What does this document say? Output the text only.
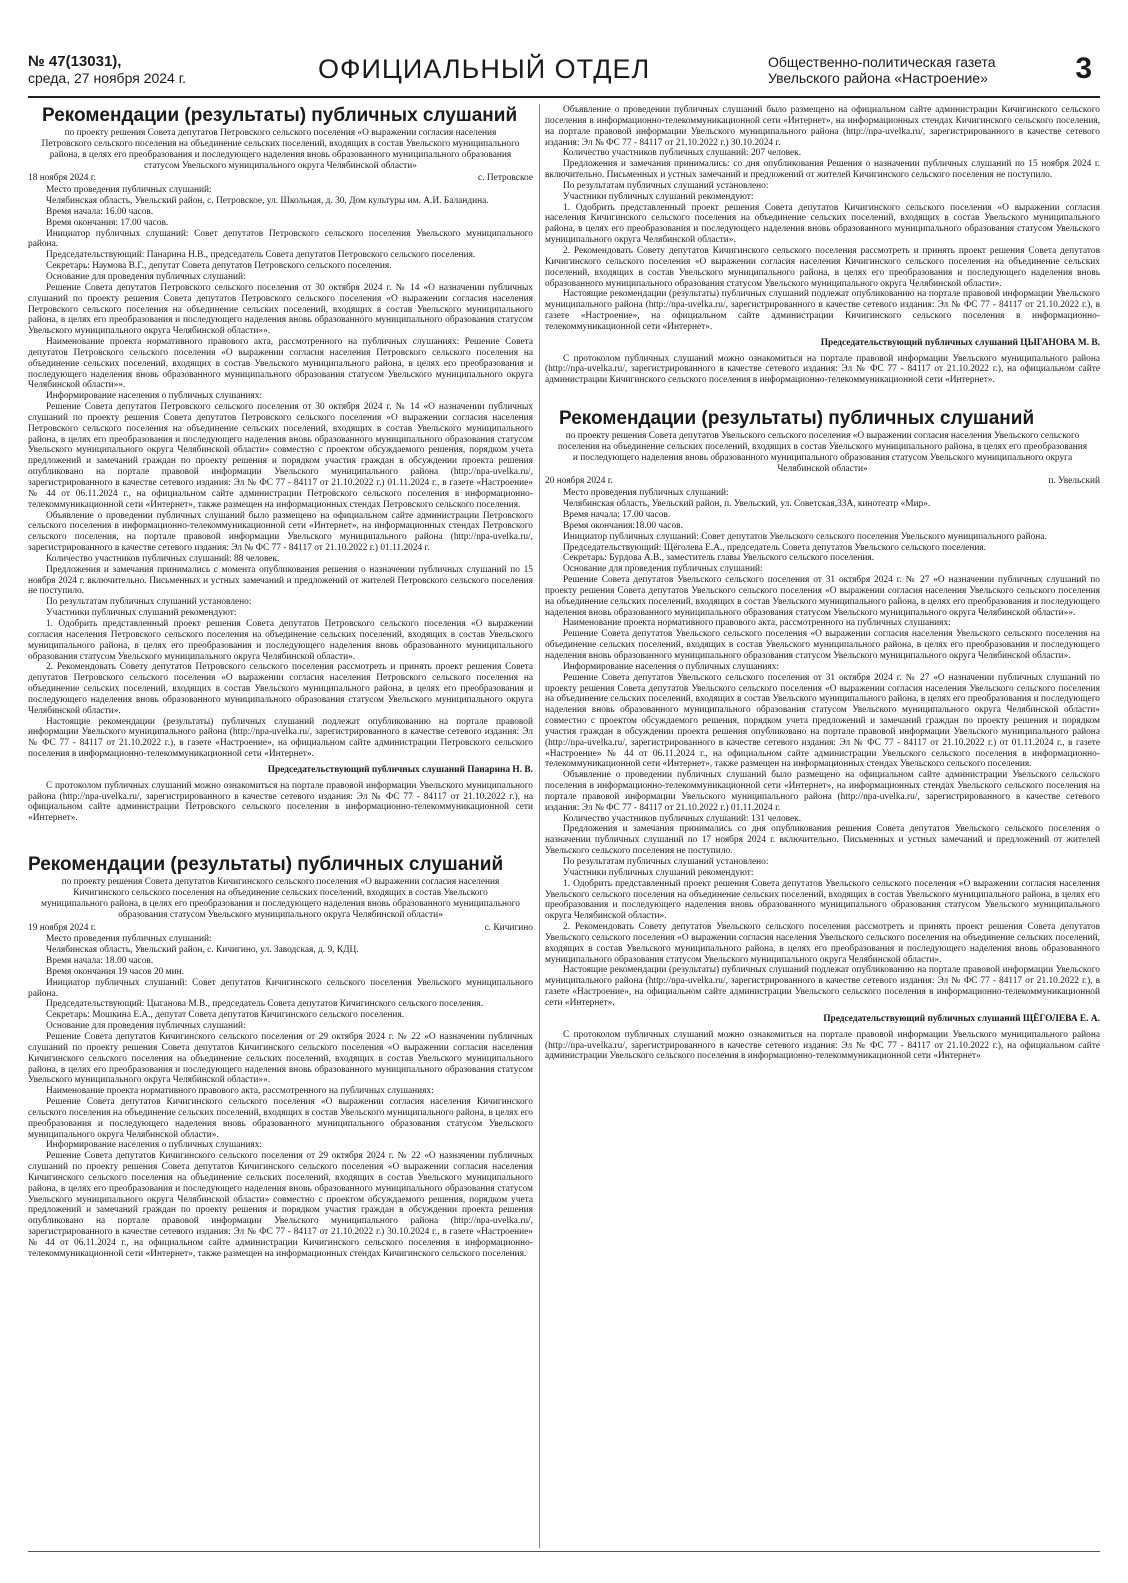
№ 47(13031),
среда, 27 ноября 2024 г.	ОФИЦИАЛЬНЫЙ ОТДЕЛ	Общественно-политическая газета
Увельского района «Настроение»	3
Рекомендации (результаты) публичных слушаний
по проекту решения Совета депутатов Петровского сельского поселения «О выражении согласия населения Петровского сельского поселения на объединение сельских поселений, входящих в состав Увельского муниципального района, в целях его преобразования и последующего наделения вновь образованного муниципального образования статусом Увельского муниципального округа Челябинской области»
18 ноября 2024 г.	с. Петровское
Место проведения публичных слушаний:
Челябинская область, Увельский район, с. Петровское, ул. Школьная, д. 30, Дом культуры им. А.И. Баландина.
Время начала: 16.00 часов.
Время окончания: 17.00 часов.
Инициатор публичных слушаний: Совет депутатов Петровского сельского поселения Увельского муниципального района.
Председательствующий: Панарина Н.В., председатель Совета депутатов Петровского сельского поселения.
Секретарь: Наумова В.Г., депутат Совета депутатов Петровского сельского поселения.
Основание для проведения публичных слушаний:
Решение Совета депутатов Петровского сельского поселения от 30 октября 2024 г. № 14 «О назначении публичных слушаний по проекту решения Совета депутатов Петровского сельского поселения «О выражении согласия населения Петровского сельского поселения на объединение сельских поселений, входящих в состав Увельского муниципального района, в целях его преобразования и последующего наделения вновь образованного муниципального образования статусом Увельского муниципального округа Челябинской области»».
Наименование проекта нормативного правового акта, рассмотренного на публичных слушаниях: Решение Совета депутатов Петровского сельского поселения «О выражении согласия населения Петровского сельского поселения на объединение сельских поселений, входящих в состав Увельского муниципального района, в целях его преобразования и последующего наделения вновь образованного муниципального образования статусом Увельского муниципального округа Челябинской области»».
Информирование населения о публичных слушаниях:
Решение Совета депутатов Петровского сельского поселения от 30 октября 2024 г. № 14 «О назначении публичных слушаний по проекту решения Совета депутатов Петровского сельского поселения «О выражении согласия населения Петровского сельского поселения на объединение сельских поселений, входящих в состав Увельского муниципального района, в целях его преобразования и последующего наделения вновь образованного муниципального образования статусом Увельского муниципального округа Челябинской области» совместно с проектом обсуждаемого решения, порядком учета предложений и замечаний граждан по проекту решения и порядком участия граждан в обсуждении проекта решения опубликовано на портале правовой информации Увельского муниципального района (http://npa-uvelka.ru/, зарегистрированного в качестве сетевого издания: Эл № ФС 77 - 84117 от 21.10.2022 г.) 01.11.2024 г., в газете «Настроение» № 44 от 06.11.2024 г., на официальном сайте администрации Петровского сельского поселения в информационно-телекоммуникационной сети «Интернет», также размещен на информационных стендах Петровского сельского поселения.
Объявление о проведении публичных слушаний было размещено на официальном сайте администрации Петровского сельского поселения в информационно-телекоммуникационной сети «Интернет», на информационных стендах Петровского сельского поселения, на портале правовой информации Увельского муниципального района (http://npa-uvelka.ru/, зарегистрированного в качестве сетевого издания: Эл № ФС 77 - 84117 от 21.10.2022 г.) 01.11.2024 г.
Количество участников публичных слушаний: 88 человек.
Предложения и замечания принимались с момента опубликования решения о назначении публичных слушаний по 15 ноября 2024 г. включительно. Письменных и устных замечаний и предложений от жителей Петровского сельского поселения не поступило.
По результатам публичных слушаний установлено:
Участники публичных слушаний рекомендуют:
1. Одобрить представленный проект решения Совета депутатов Петровского сельского поселения «О выражении согласия населения Петровского сельского поселения на объединение сельских поселений, входящих в состав Увельского муниципального района, в целях его преобразования и последующего наделения вновь образованного муниципального образования статусом Увельского муниципального округа Челябинской области».
2. Рекомендовать Совету депутатов Петровского сельского поселения рассмотреть и принять проект решения Совета депутатов Петровского сельского поселения «О выражении согласия населения Петровского сельского поселения на объединение сельских поселений, входящих в состав Увельского муниципального района, в целях его преобразования и последующего наделения вновь образованного муниципального образования статусом Увельского муниципального округа Челябинской области».
Настоящие рекомендации (результаты) публичных слушаний подлежат опубликованию на портале правовой информации Увельского муниципального района (http://npa-uvelka.ru/, зарегистрированного в качестве сетевого издания: Эл № ФС 77 - 84117 от 21.10.2022 г.), в газете «Настроение», на официальном сайте администрации Петровского сельского поселения в информационно-телекоммуникационной сети «Интернет».
Председательствующий публичных слушаний Панарина Н. В.
С протоколом публичных слушаний можно ознакомиться на портале правовой информации Увельского муниципального района (http://npa-uvelka.ru/, зарегистрированного в качестве сетевого издания: Эл № ФС 77 - 84117 от 21.10.2022 г.), на официальном сайте администрации Петровского сельского поселения в информационно-телекоммуникационной сети «Интернет».
Рекомендации (результаты) публичных слушаний
по проекту решения Совета депутатов Кичигинского сельского поселения «О выражении согласия населения Кичигинского сельского поселения на объединение сельских поселений, входящих в состав Увельского муниципального района, в целях его преобразования и последующего наделения вновь образованного муниципального образования статусом Увельского муниципального округа Челябинской области»
19 ноября 2024 г.	с. Кичигино
Место проведения публичных слушаний:
Челябинская область, Увельский район, с. Кичигино, ул. Заводская, д. 9, КДЦ.
Время начала: 18.00 часов.
Время окончания 19 часов 20 мин.
Инициатор публичных слушаний: Совет депутатов Кичигинского сельского поселения Увельского муниципального района.
Председательствующий: Цыганова М.В., председатель Совета депутатов Кичигинского сельского поселения.
Секретарь: Мошкина Е.А., депутат Совета депутатов Кичигинского сельского поселения.
Основание для проведения публичных слушаний:
Решение Совета депутатов Кичигинского сельского поселения от 29 октября 2024 г. № 22 «О назначении публичных слушаний по проекту решения Совета депутатов Кичигинского сельского поселения «О выражении согласия населения Кичигинского сельского поселения на объединение сельских поселений, входящих в состав Увельского муниципального района, в целях его преобразования и последующего наделения вновь образованного муниципального образования статусом Увельского муниципального округа Челябинской области»».
Наименование проекта нормативного правового акта, рассмотренного на публичных слушаниях:
Решение Совета депутатов Кичигинского сельского поселения «О выражении согласия населения Кичигинского сельского поселения на объединение сельских поселений, входящих в состав Увельского муниципального района, в целях его преобразования и последующего наделения вновь образованного муниципального образования статусом Увельского муниципального округа Челябинской области».
Информирование населения о публичных слушаниях:
Решение Совета депутатов Кичигинского сельского поселения от 29 октября 2024 г. № 22 «О назначении публичных слушаний по проекту решения Совета депутатов Кичигинского сельского поселения «О выражении согласия населения Кичигинского сельского поселения на объединение сельских поселений, входящих в состав Увельского муниципального района, в целях его преобразования и последующего наделения вновь образованного муниципального образования статусом Увельского муниципального округа Челябинской области» совместно с проектом обсуждаемого решения, порядком учета предложений и замечаний граждан по проекту решения и порядком участия граждан в обсуждении проекта решения опубликовано на портале правовой информации Увельского муниципального района (http://npa-uvelka.ru/, зарегистрированного в качестве сетевого издания: Эл № ФС 77 - 84117 от 21.10.2022 г.) 30.10.2024 г., в газете «Настроение» № 44 от 06.11.2024 г., на официальном сайте администрации Кичигинского сельского поселения в информационно-телекоммуникационной сети «Интернет», также размещен на информационных стендах Кичигинского сельского поселения.
Объявление о проведении публичных слушаний было размещено на официальном сайте администрации Кичигинского сельского поселения в информационно-телекоммуникационной сети «Интернет», на информационных стендах Кичигинского сельского поселения, на портале правовой информации Увельского муниципального района (http://npa-uvelka.ru/, зарегистрированного в качестве сетевого издания: Эл № ФС 77 - 84117 от 21.10.2022 г.) 30.10.2024 г.
Количество участников публичных слушаний: 207 человек.
Предложения и замечания принимались: со дня опубликования Решения о назначении публичных слушаний по 15 ноября 2024 г. включительно. Письменных и устных замечаний и предложений от жителей Кичигинского сельского поселения не поступило.
По результатам публичных слушаний установлено:
Участники публичных слушаний рекомендуют:
1. Одобрить представленный проект решения Совета депутатов Кичигинского сельского поселения «О выражении согласия населения Кичигинского сельского поселения на объединение сельских поселений, входящих в состав Увельского муниципального района, в целях его преобразования и последующего наделения вновь образованного муниципального образования статусом Увельского муниципального округа Челябинской области».
2. Рекомендовать Совету депутатов Кичигинского сельского поселения рассмотреть и принять проект решения Совета депутатов Кичигинского сельского поселения «О выражении согласия населения Кичигинского сельского поселения на объединение сельских поселений, входящих в состав Увельского муниципального района, в целях его преобразования и последующего наделения вновь образованного муниципального образования статусом Увельского муниципального округа Челябинской области».
Настоящие рекомендации (результаты) публичных слушаний подлежат опубликованию на портале правовой информации Увельского муниципального района (http://npa-uvelka.ru/, зарегистрированного в качестве сетевого издания: Эл № ФС 77 - 84117 от 21.10.2022 г.), в газете «Настроение», на официальном сайте администрации Кичигинского сельского поселения в информационно-телекоммуникационной сети «Интернет».
Председательствующий публичных слушаний ЦЫГАНОВА М. В.
С протоколом публичных слушаний можно ознакомиться на портале правовой информации Увельского муниципального района (http://npa-uvelka.ru/, зарегистрированного в качестве сетевого издания: Эл № ФС 77 - 84117 от 21.10.2022 г.), на официальном сайте администрации Кичигинского сельского поселения в информационно-телекоммуникационной сети «Интернет».
Рекомендации (результаты) публичных слушаний
по проекту решения Совета депутатов Увельского сельского поселения «О выражении согласия населения Увельского сельского поселения на объединение сельских поселений, входящих в состав Увельского муниципального района, в целях его преобразования и последующего наделения вновь образованного муниципального образования статусом Увельского муниципального округа Челябинской области»
20 ноября 2024 г.	п. Увельский
Место проведения публичных слушаний:
Челябинская область, Увельский район, п. Увельский, ул. Советская,33А, кинотеатр «Мир».
Время начала: 17.00 часов.
Время окончания:18.00 часов.
Инициатор публичных слушаний: Совет депутатов Увельского сельского поселения Увельского муниципального района.
Председательствующий: Щёголева Е.А., председатель Совета депутатов Увельского сельского поселения.
Секретарь: Бурдова А.В., заместитель главы Увельского сельского поселения.
Основание для проведения публичных слушаний:
Решение Совета депутатов Увельского сельского поселения от 31 октября 2024 г. № 27 «О назначении публичных слушаний по проекту решения Совета депутатов Увельского сельского поселения «О выражении согласия населения Увельского сельского поселения на объединение сельских поселений, входящих в состав Увельского муниципального района, в целях его преобразования и последующего наделения вновь образованного муниципального образования статусом Увельского муниципального округа Челябинской области»».
Наименование проекта нормативного правового акта, рассмотренного на публичных слушаниях:
Решение Совета депутатов Увельского сельского поселения «О выражении согласия населения Увельского сельского поселения на объединение сельских поселений, входящих в состав Увельского муниципального района, в целях его преобразования и последующего наделения вновь образованного муниципального образования статусом Увельского муниципального округа Челябинской области».
Информирование населения о публичных слушаниях:
Решение Совета депутатов Увельского сельского поселения от 31 октября 2024 г. № 27 «О назначении публичных слушаний по проекту решения Совета депутатов Увельского сельского поселения «О выражении согласия населения Увельского сельского поселения на объединение сельских поселений, входящих в состав Увельского муниципального района, в целях его преобразования и последующего наделения вновь образованного муниципального образования статусом Увельского муниципального округа Челябинской области» совместно с проектом обсуждаемого решения, порядком учета предложений и замечаний граждан по проекту решения и порядком участия граждан в обсуждении проекта решения опубликовано на портале правовой информации Увельского муниципального района (http://npa-uvelka.ru/, зарегистрированного в качестве сетевого издания: Эл № ФС 77 - 84117 от 21.10.2022 г.) от 01.11.2024 г., в газете «Настроение» № 44 от 06.11.2024 г., на официальном сайте администрации Увельского сельского поселения в информационно-телекоммуникационной сети «Интернет», также размещен на информационных стендах Увельского сельского поселения.
Объявление о проведении публичных слушаний было размещено на официальном сайте администрации Увельского сельского поселения в информационно-телекоммуникационной сети «Интернет», на информационных стендах Увельского сельского поселения на портале правовой информации Увельского муниципального района (http://npa-uvelka.ru/, зарегистрированного в качестве сетевого издания: Эл № ФС 77 - 84117 от 21.10.2022 г.) 01.11.2024 г.
Количество участников публичных слушаний: 131 человек.
Предложения и замечания принимались со дня опубликования решения Совета депутатов Увельского сельского поселения о назначении публичных слушаний по 17 ноября 2024 г. включительно. Письменных и устных замечаний и предложений от жителей Увельского сельского поселения не поступило.
По результатам публичных слушаний установлено:
Участники публичных слушаний рекомендуют:
1. Одобрить представленный проект решения Совета депутатов Увельского сельского поселения «О выражении согласия населения Увельского сельского поселения на объединение сельских поселений, входящих в состав Увельского муниципального района, в целях его преобразования и последующего наделения вновь образованного муниципального образования статусом Увельского муниципального округа Челябинской области».
2. Рекомендовать Совету депутатов Увельского сельского поселения рассмотреть и принять проект решения Совета депутатов Увельского сельского поселения «О выражении согласия населения Увельского сельского поселения на объединение сельских поселений, входящих в состав Увельского муниципального района, в целях его преобразования и последующего наделения вновь образованного муниципального образования статусом Увельского муниципального округа Челябинской области».
Настоящие рекомендации (результаты) публичных слушаний подлежат опубликованию на портале правовой информации Увельского муниципального района (http://npa-uvelka.ru/, зарегистрированного в качестве сетевого издания: Эл № ФС 77 - 84117 от 21.10.2022 г.), в газете «Настроение», на официальном сайте администрации Увельского сельского поселения в информационно-телекоммуникационной сети «Интернет».
Председательствующий публичных слушаний ЩЁГОЛЕВА Е. А.
С протоколом публичных слушаний можно ознакомиться на портале правовой информации Увельского муниципального района (http://npa-uvelka.ru/, зарегистрированного в качестве сетевого издания: Эл № ФС 77 - 84117 от 21.10.2022 г.), на официальном сайте администрации Увельского сельского поселения в информационно-телекоммуникационной сети «Интернет»
